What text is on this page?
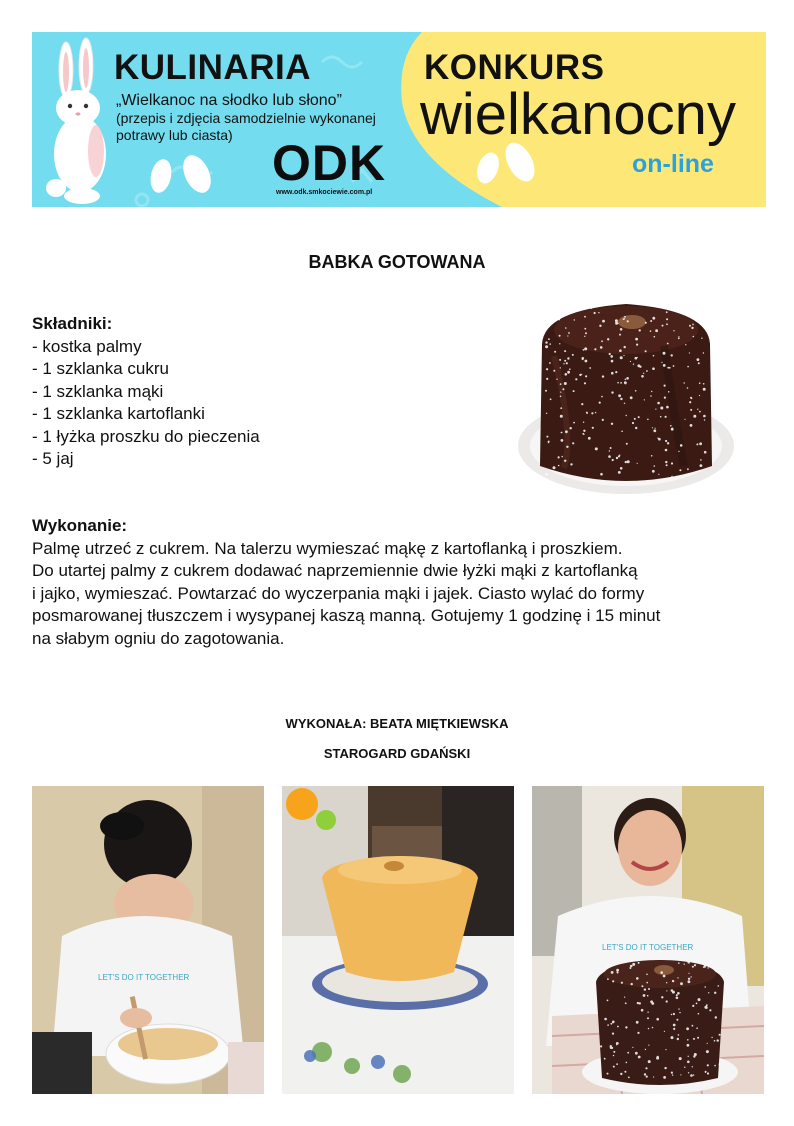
KULINARIA
„Wielkanoc na słodko lub słono”
(przepis i zdjęcia samodzielnie wykonanej potrawy lub ciasta) ODK
www.odk.smkociewie.com.pl
KONKURS
wielkanocny
on-line
BABKA GOTOWANA
Składniki:
- kostka palmy
- 1 szklanka cukru
- 1 szklanka mąki
- 1 szklanka kartoflanki
- 1 łyżka proszku do pieczenia
- 5 jaj
Wykonanie:
Palmę utrzeć z cukrem. Na talerzu wymieszać mąkę z kartoflanką i proszkiem.
Do utartej palmy z cukrem dodawać naprzemiennie dwie łyżki mąki z kartoflanką
i jajko, wymieszać. Powtarzać do wyczerpania mąki i jajek. Ciasto wylać do formy
posmarowanej tłuszczem i wysypanej kaszą manną. Gotujemy 1 godzinę i 15 minut
na słabym ogniu do zagotowania.
WYKONAŁA: BEATA MIĘTKIEWSKA
STAROGARD GDAŃSKI
LET'S DO IT TOGETHER
LET'S DO IT TOGETHER
